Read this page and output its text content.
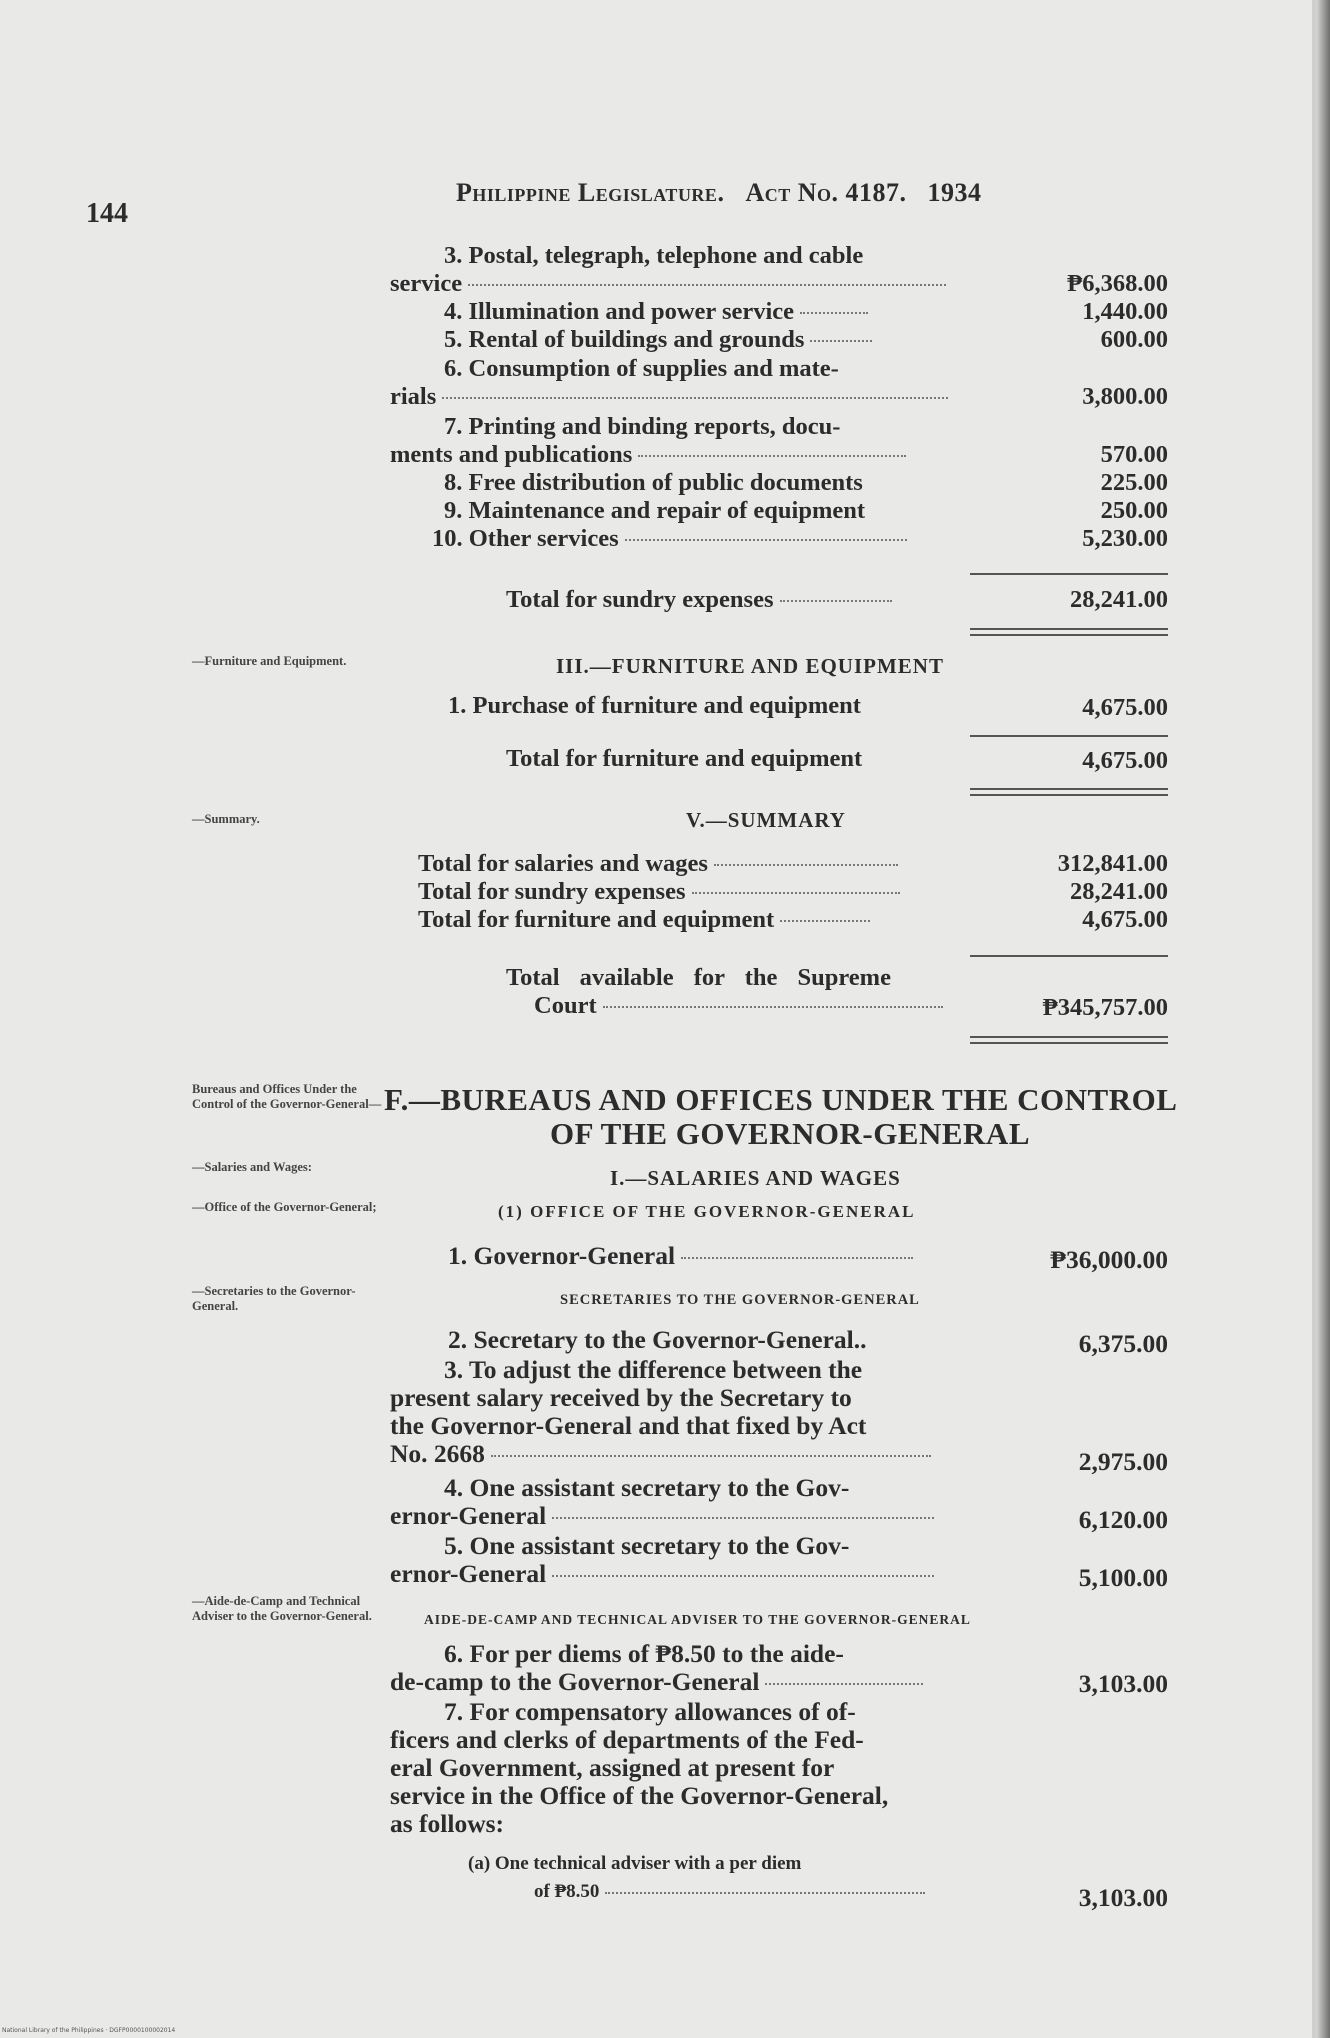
144
Philippine Legislature. Act No. 4187. 1934
3. Postal, telegraph, telephone and cable
service	₱6,368.00
4. Illumination and power service	1,440.00
5. Rental of buildings and grounds	600.00
6. Consumption of supplies and mate-
rials	3,800.00
7. Printing and binding reports, docu-
ments and publications	570.00
8. Free distribution of public documents	225.00
9. Maintenance and repair of equipment	250.00
10. Other services	5,230.00
Total for sundry expenses	28,241.00
—Furniture and Equipment.	III.—FURNITURE AND EQUIPMENT
1. Purchase of furniture and equipment	4,675.00
Total for furniture and equipment	4,675.00
—Summary.	V.—SUMMARY
Total for salaries and wages	312,841.00
Total for sundry expenses	28,241.00
Total for furniture and equipment	4,675.00
Total available for the Supreme
Court	₱345,757.00
Bureaus and Offices Under the Control of the Governor-General— F.—BUREAUS AND OFFICES UNDER THE CONTROL
OF THE GOVERNOR-GENERAL
—Salaries and Wages:	I.—SALARIES AND WAGES
—Office of the Governor-General;	(1) OFFICE OF THE GOVERNOR-GENERAL
1. Governor-General	₱36,000.00
—Secretaries to the Governor-General.	SECRETARIES TO THE GOVERNOR-GENERAL
2. Secretary to the Governor-General..	6,375.00
3. To adjust the difference between the
present salary received by the Secretary to
the Governor-General and that fixed by Act
No. 2668	2,975.00
4. One assistant secretary to the Gov-
ernor-General	6,120.00
5. One assistant secretary to the Gov-
ernor-General	5,100.00
—Aide-de-Camp and Technical Adviser to the Governor-General.	AIDE-DE-CAMP AND TECHNICAL ADVISER TO THE GOVERNOR-GENERAL
6. For per diems of ₱8.50 to the aide-
de-camp to the Governor-General	3,103.00
7. For compensatory allowances of of-
ficers and clerks of departments of the Fed-
eral Government, assigned at present for
service in the Office of the Governor-General,
as follows:
(a) One technical adviser with a per diem
of ₱8.50	3,103.00
National Library of the Philippines · DGFP0000100002014
